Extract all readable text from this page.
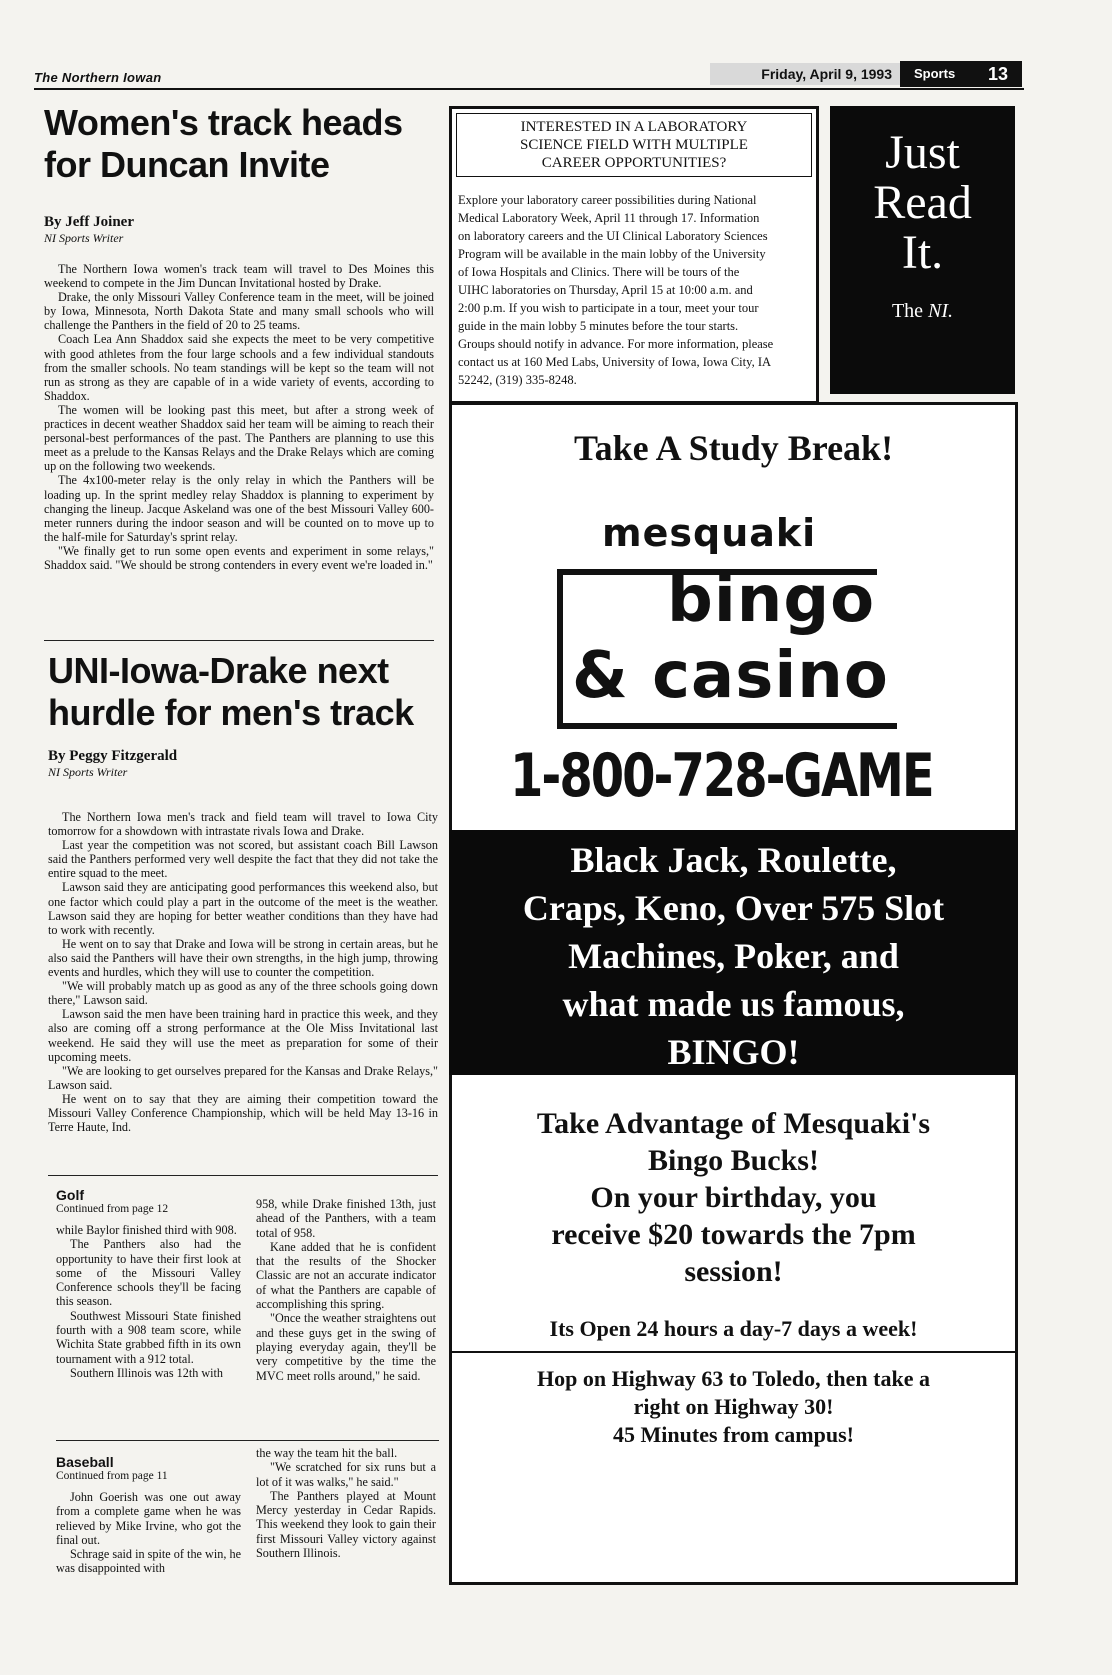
The Northern Iowan	Friday, April 9, 1993	Sports 13
Women's track heads for Duncan Invite
By Jeff Joiner
NI Sports Writer

The Northern Iowa women's track team will travel to Des Moines this weekend to compete in the Jim Duncan Invitational hosted by Drake.

Drake, the only Missouri Valley Conference team in the meet, will be joined by Iowa, Minnesota, North Dakota State and many small schools who will challenge the Panthers in the field of 20 to 25 teams.

Coach Lea Ann Shaddox said she expects the meet to be very competitive with good athletes from the four large schools and a few individual standouts from the smaller schools. No team standings will be kept so the team will not run as strong as they are capable of in a wide variety of events, according to Shaddox.

The women will be looking past this meet, but after a strong week of practices in decent weather Shaddox said her team will be aiming to reach their personal-best performances of the past. The Panthers are planning to use this meet as a prelude to the Kansas Relays and the Drake Relays which are coming up on the following two weekends.

The 4x100-meter relay is the only relay in which the Panthers will be loading up. In the sprint medley relay Shaddox is planning to experiment by changing the lineup. Jacque Askeland was one of the best Missouri Valley 600-meter runners during the indoor season and will be counted on to move up to the half-mile for Saturday's sprint relay.

"We finally get to run some open events and experiment in some relays," Shaddox said. "We should be strong contenders in every event we're loaded in."

UNI-Iowa-Drake next hurdle for men's track
By Peggy Fitzgerald
NI Sports Writer

The Northern Iowa men's track and field team will travel to Iowa City tomorrow for a showdown with intrastate rivals Iowa and Drake.

Last year the competition was not scored, but assistant coach Bill Lawson said the Panthers performed very well despite the fact that they did not take the entire squad to the meet.

Lawson said they are anticipating good performances this weekend also, but one factor which could play a part in the outcome of the meet is the weather. Lawson said they are hoping for better weather conditions than they have had to work with recently.

He went on to say that Drake and Iowa will be strong in certain areas, but he also said the Panthers will have their own strengths, in the high jump, throwing events and hurdles, which they will use to counter the competition.

"We will probably match up as good as any of the three schools going down there," Lawson said.

Lawson said the men have been training hard in practice this week, and they also are coming off a strong performance at the Ole Miss Invitational last weekend. He said they will use the meet as preparation for some of their upcoming meets.

"We are looking to get ourselves prepared for the Kansas and Drake Relays," Lawson said.

He went on to say that they are aiming their competition toward the Missouri Valley Conference Championship, which will be held May 13-16 in Terre Haute, Ind.

Golf
Continued from page 12

while Baylor finished third with 908.

The Panthers also had the opportunity to have their first look at some of the Missouri Valley Conference schools they'll be facing this season.

Southwest Missouri State finished fourth with a 908 team score, while Wichita State grabbed fifth in its own tournament with a 912 total.

Southern Illinois was 12th with

958, while Drake finished 13th, just ahead of the Panthers, with a team total of 958.

Kane added that he is confident that the results of the Shocker Classic are not an accurate indicator of what the Panthers are capable of accomplishing this spring.

"Once the weather straightens out and these guys get in the swing of playing everyday again, they'll be very competitive by the time the MVC meet rolls around," he said.

Baseball
Continued from page 11

John Goerish was one out away from a complete game when he was relieved by Mike Irvine, who got the final out.

Schrage said in spite of the win, he was disappointed with

the way the team hit the ball.

"We scratched for six runs but a lot of it was walks," he said."

The Panthers played at Mount Mercy yesterday in Cedar Rapids. This weekend they look to gain their first Missouri Valley victory against Southern Illinois.

INTERESTED IN A LABORATORY
SCIENCE FIELD WITH MULTIPLE
CAREER OPPORTUNITIES?
Explore your laboratory career possibilities during National
Medical Laboratory Week, April 11 through 17. Information
on laboratory careers and the UI Clinical Laboratory Sciences
Program will be available in the main lobby of the University
of Iowa Hospitals and Clinics. There will be tours of the
UIHC laboratories on Thursday, April 15 at 10:00 a.m. and
2:00 p.m. If you wish to participate in a tour, meet your tour
guide in the main lobby 5 minutes before the tour starts.
Groups should notify in advance. For more information, please
contact us at 160 Med Labs, University of Iowa, Iowa City, IA
52242, (319) 335-8248.
Just
Read
It.
The NI.
Take A Study Break!
mesquaki
bingo
& casino
1-800-728-GAME
Black Jack, Roulette,
Craps, Keno, Over 575 Slot
Machines, Poker, and
what made us famous,
BINGO!
Take Advantage of Mesquaki's
Bingo Bucks!
On your birthday, you
receive $20 towards the 7pm
session!
Its Open 24 hours a day-7 days a week!
Hop on Highway 63 to Toledo, then take a
right on Highway 30!
45 Minutes from campus!
